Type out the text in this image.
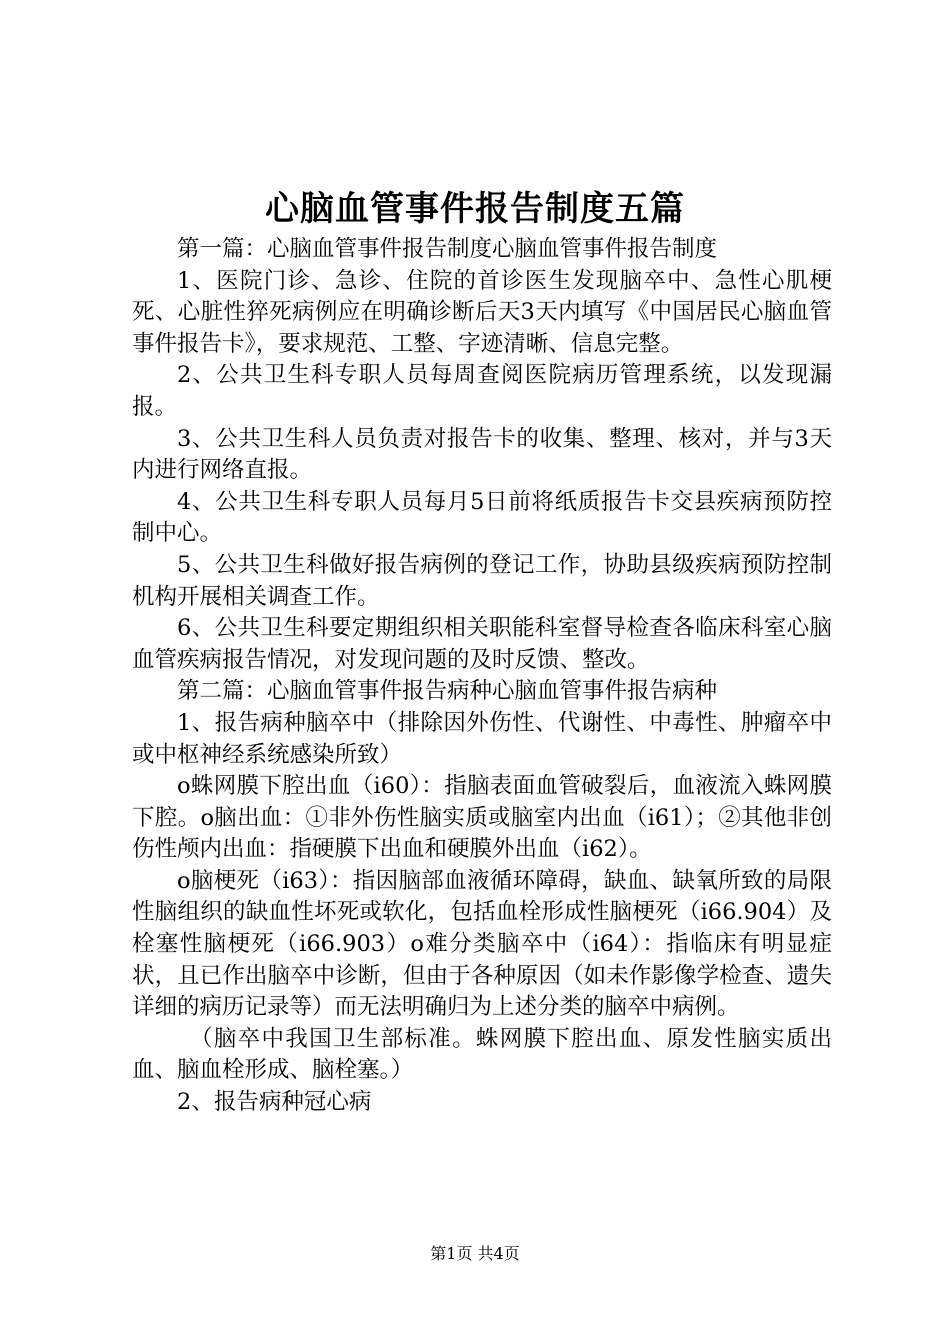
心脑血管事件报告制度五篇

第一篇：心脑血管事件报告制度心脑血管事件报告制度

1、医院门诊、急诊、住院的首诊医生发现脑卒中、急性心肌梗死、心脏性猝死病例应在明确诊断后天3天内填写《中国居民心脑血管事件报告卡》，要求规范、工整、字迹清晰、信息完整。

2、公共卫生科专职人员每周查阅医院病历管理系统，以发现漏报。

3、公共卫生科人员负责对报告卡的收集、整理、核对，并与3天内进行网络直报。

4、公共卫生科专职人员每月5日前将纸质报告卡交县疾病预防控制中心。

5、公共卫生科做好报告病例的登记工作，协助县级疾病预防控制机构开展相关调查工作。

6、公共卫生科要定期组织相关职能科室督导检查各临床科室心脑血管疾病报告情况，对发现问题的及时反馈、整改。

第二篇：心脑血管事件报告病种心脑血管事件报告病种

1、报告病种脑卒中（排除因外伤性、代谢性、中毒性、肿瘤卒中或中枢神经系统感染所致）

o蛛网膜下腔出血（i60）：指脑表面血管破裂后，血液流入蛛网膜下腔。o脑出血：①非外伤性脑实质或脑室内出血（i61）；②其他非创伤性颅内出血：指硬膜下出血和硬膜外出血（i62）。

o脑梗死（i63）：指因脑部血液循环障碍，缺血、缺氧所致的局限性脑组织的缺血性坏死或软化，包括血栓形成性脑梗死（i66.904）及栓塞性脑梗死（i66.903）o难分类脑卒中（i64）：指临床有明显症状，且已作出脑卒中诊断，但由于各种原因（如未作影像学检查、遗失详细的病历记录等）而无法明确归为上述分类的脑卒中病例。

（脑卒中我国卫生部标准。蛛网膜下腔出血、原发性脑实质出血、脑血栓形成、脑栓塞。）

2、报告病种冠心病

第1页 共4页
